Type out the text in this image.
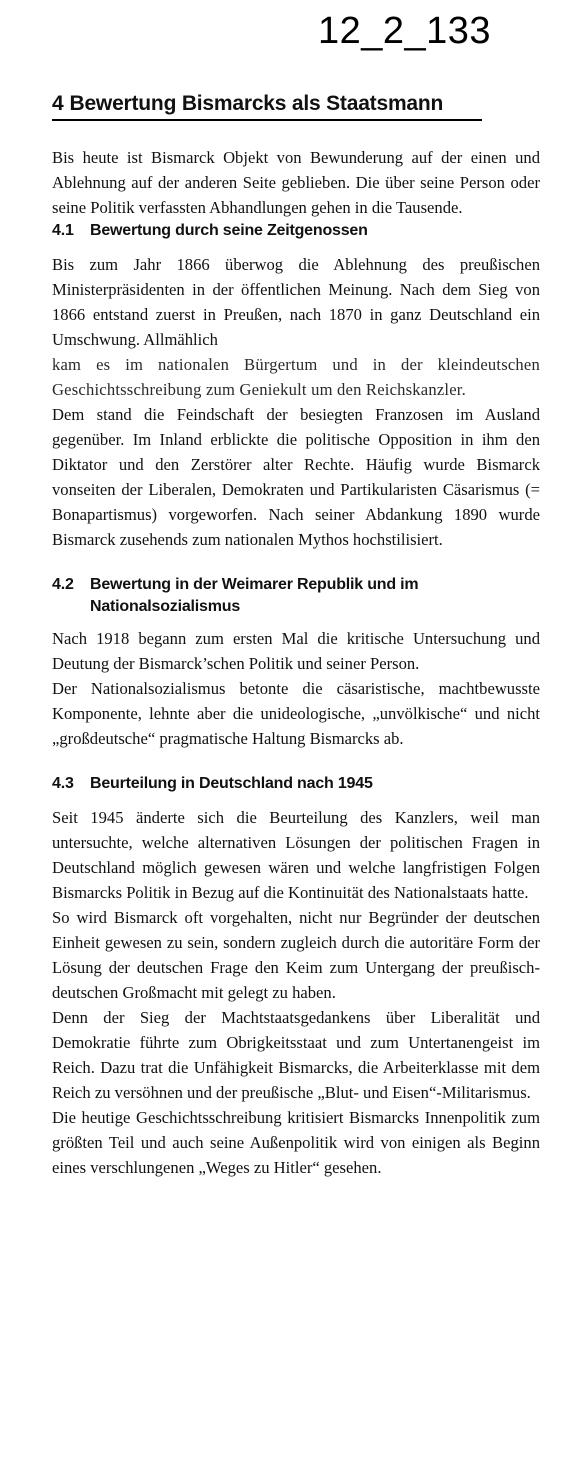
12_2_133
4 Bewertung Bismarcks als Staatsmann

Bis heute ist Bismarck Objekt von Bewunderung auf der einen und Ablehnung auf der anderen Seite geblieben. Die über seine Person oder seine Politik verfassten Abhandlungen gehen in die Tausende.

4.1	Bewertung durch seine Zeitgenossen

Bis zum Jahr 1866 überwog die Ablehnung des preußischen Ministerpräsidenten in der öffentlichen Meinung. Nach dem Sieg von 1866 entstand zuerst in Preußen, nach 1870 in ganz Deutschland ein Umschwung. Allmählich

kam es im nationalen Bürgertum und in der kleindeutschen Geschichtsschreibung zum Geniekult um den Reichskanzler.

Dem stand die Feindschaft der besiegten Franzosen im Ausland gegenüber. Im Inland erblickte die politische Opposition in ihm den Diktator und den Zerstörer alter Rechte. Häufig wurde Bismarck vonseiten der Liberalen, Demokraten und Partikularisten Cäsarismus (= Bonapartismus) vorgeworfen. Nach seiner Abdankung 1890 wurde Bismarck zusehends zum nationalen Mythos hochstilisiert.

4.2	Bewertung in der Weimarer Republik und im Nationalsozialismus

Nach 1918 begann zum ersten Mal die kritische Untersuchung und Deutung der Bismarck’schen Politik und seiner Person.

Der Nationalsozialismus betonte die cäsaristische, machtbewusste Komponente, lehnte aber die unideologische, „unvölkische“ und nicht „großdeutsche“ pragmatische Haltung Bismarcks ab.

4.3	Beurteilung in Deutschland nach 1945

Seit 1945 änderte sich die Beurteilung des Kanzlers, weil man untersuchte, welche alternativen Lösungen der politischen Fragen in Deutschland möglich gewesen wären und welche langfristigen Folgen Bismarcks Politik in Bezug auf die Kontinuität des Nationalstaats hatte.

So wird Bismarck oft vorgehalten, nicht nur Begründer der deutschen Einheit gewesen zu sein, sondern zugleich durch die autoritäre Form der Lösung der deutschen Frage den Keim zum Untergang der preußisch-deutschen Großmacht mit gelegt zu haben.

Denn der Sieg der Machtstaatsgedankens über Liberalität und Demokratie führte zum Obrigkeitsstaat und zum Untertanengeist im Reich. Dazu trat die Unfähigkeit Bismarcks, die Arbeiterklasse mit dem Reich zu versöhnen und der preußische „Blut- und Eisen“-Militarismus.

Die heutige Geschichtsschreibung kritisiert Bismarcks Innenpolitik zum größten Teil und auch seine Außenpolitik wird von einigen als Beginn eines verschlungenen „Weges zu Hitler“ gesehen.
